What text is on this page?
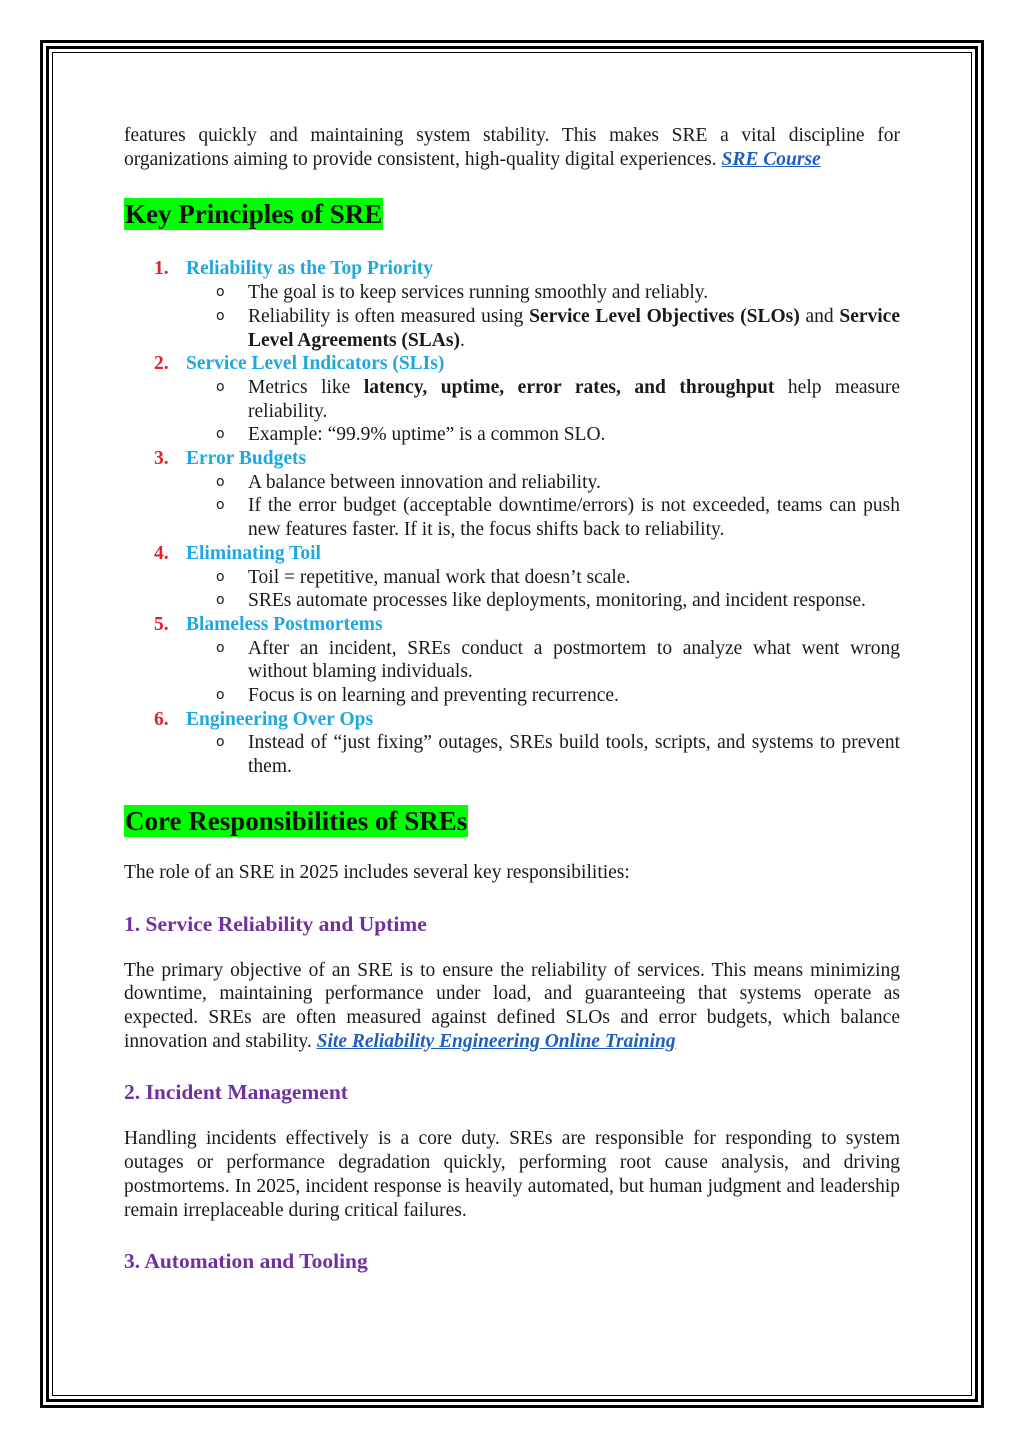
features quickly and maintaining system stability. This makes SRE a vital discipline for organizations aiming to provide consistent, high-quality digital experiences. SRE Course

Key Principles of SRE
1. Reliability as the Top Priority
o The goal is to keep services running smoothly and reliably.

o Reliability is often measured using Service Level Objectives (SLOs) and Service Level Agreements (SLAs).

2. Service Level Indicators (SLIs)
o Metrics like latency, uptime, error rates, and throughput help measure reliability.

o Example: “99.9% uptime” is a common SLO.

3. Error Budgets
o A balance between innovation and reliability.

o If the error budget (acceptable downtime/errors) is not exceeded, teams can push new features faster. If it is, the focus shifts back to reliability.

4. Eliminating Toil
o Toil = repetitive, manual work that doesn’t scale.

o SREs automate processes like deployments, monitoring, and incident response.

5. Blameless Postmortems
o After an incident, SREs conduct a postmortem to analyze what went wrong without blaming individuals.

o Focus is on learning and preventing recurrence.

6. Engineering Over Ops
o Instead of “just fixing” outages, SREs build tools, scripts, and systems to prevent them.

Core Responsibilities of SREs

The role of an SRE in 2025 includes several key responsibilities:

1. Service Reliability and Uptime

The primary objective of an SRE is to ensure the reliability of services. This means minimizing downtime, maintaining performance under load, and guaranteeing that systems operate as expected. SREs are often measured against defined SLOs and error budgets, which balance innovation and stability. Site Reliability Engineering Online Training

2. Incident Management

Handling incidents effectively is a core duty. SREs are responsible for responding to system outages or performance degradation quickly, performing root cause analysis, and driving postmortems. In 2025, incident response is heavily automated, but human judgment and leadership remain irreplaceable during critical failures.

3. Automation and Tooling
